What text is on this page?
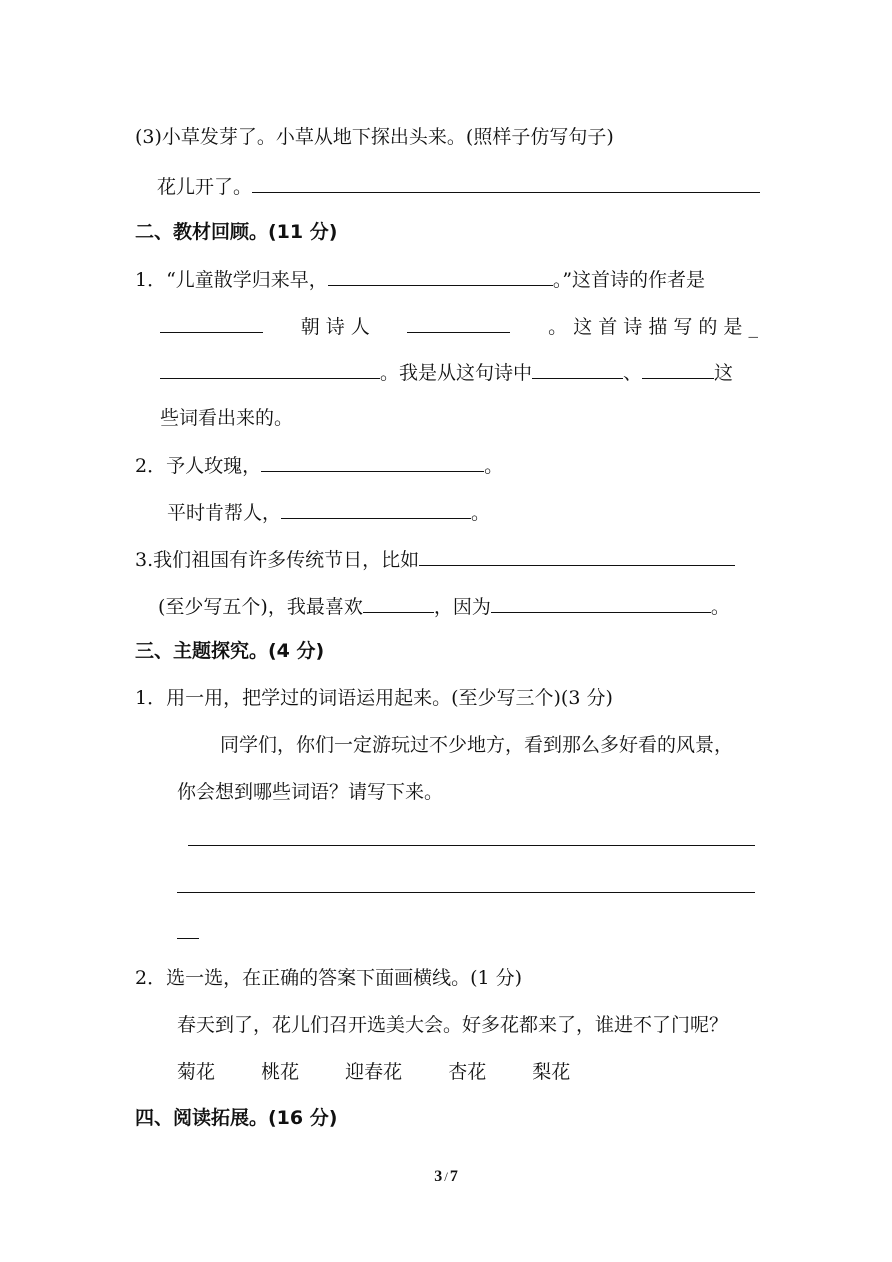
(3)小草发芽了。小草从地下探出头来。(照样子仿写句子)
花儿开了。
二、教材回顾。(11 分)
1．“儿童散学归来早，	。”这首诗的作者是
朝 诗 人	。 这 首 诗 描 写 的 是 _
。我是从这句诗中	、	这
些词看出来的。
2．予人玫瑰，	。
平时肯帮人，	。
3.我们祖国有许多传统节日，比如
(至少写五个)，我最喜欢	，因为	。
三、主题探究。(4 分)
1．用一用，把学过的词语运用起来。(至少写三个)(3 分)
同学们，你们一定游玩过不少地方，看到那么多好看的风景，
你会想到哪些词语？请写下来。
2．选一选，在正确的答案下面画横线。(1 分)
春天到了，花儿们召开选美大会。好多花都来了，谁进不了门呢？
菊花 桃花 迎春花 杏花 梨花
四、阅读拓展。(16 分)
3 / 7
